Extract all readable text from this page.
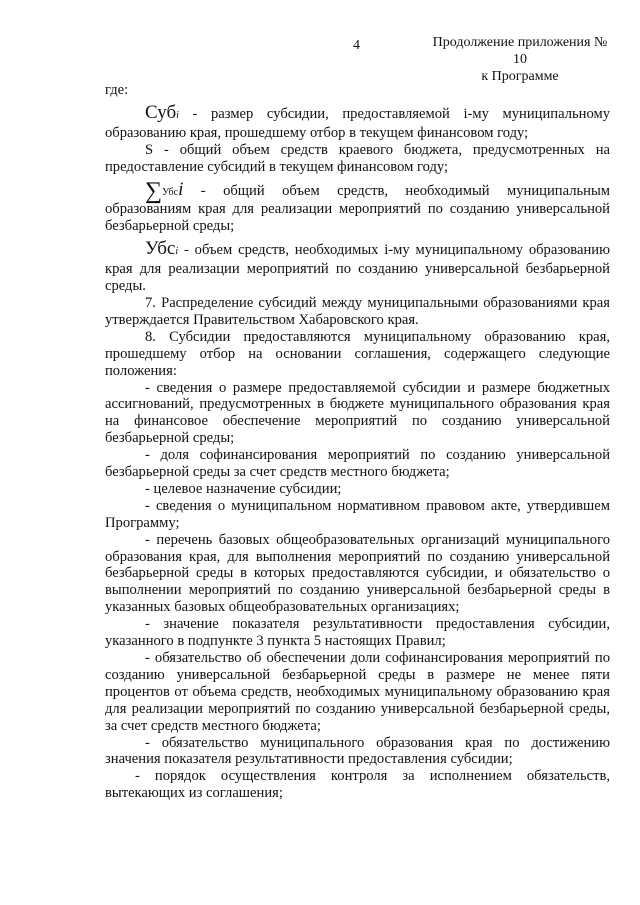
4	Продолжение приложения № 10
к Программе

где:

Субi - размер субсидии, предоставляемой i-му муниципальному образованию края, прошедшему отбор в текущем финансовом году;

S - общий объем средств краевого бюджета, предусмотренных на предоставление субсидий в текущем финансовом году;

∑Убсi - общий объем средств, необходимый муниципальным образованиям края для реализации мероприятий по созданию универсальной безбарьерной среды;

Убсi - объем средств, необходимых i-му муниципальному образованию края для реализации мероприятий по созданию универсальной безбарьерной среды.

7. Распределение субсидий между муниципальными образованиями края утверждается Правительством Хабаровского края.

8. Субсидии предоставляются муниципальному образованию края, прошедшему отбор на основании соглашения, содержащего следующие положения:

- сведения о размере предоставляемой субсидии и размере бюджетных ассигнований, предусмотренных в бюджете муниципального образования края на финансовое обеспечение мероприятий по созданию универсальной безбарьерной среды;

- доля софинансирования мероприятий по созданию универсальной безбарьерной среды за счет средств местного бюджета;

- целевое назначение субсидии;

- сведения о муниципальном нормативном правовом акте, утвердившем Программу;

- перечень базовых общеобразовательных организаций муниципального образования края, для выполнения мероприятий по созданию универсальной безбарьерной среды в которых предоставляются субсидии, и обязательство о выполнении мероприятий по созданию универсальной безбарьерной среды в указанных базовых общеобразовательных организациях;

- значение показателя результативности предоставления субсидии, указанного в подпункте 3 пункта 5 настоящих Правил;

- обязательство об обеспечении доли софинансирования мероприятий по созданию универсальной безбарьерной среды в размере не менее пяти процентов от объема средств, необходимых муниципальному образованию края для реализации мероприятий по созданию универсальной безбарьерной среды, за счет средств местного бюджета;

- обязательство муниципального образования края по достижению значения показателя результативности предоставления субсидии;

- порядок осуществления контроля за исполнением обязательств, вытекающих из соглашения;
